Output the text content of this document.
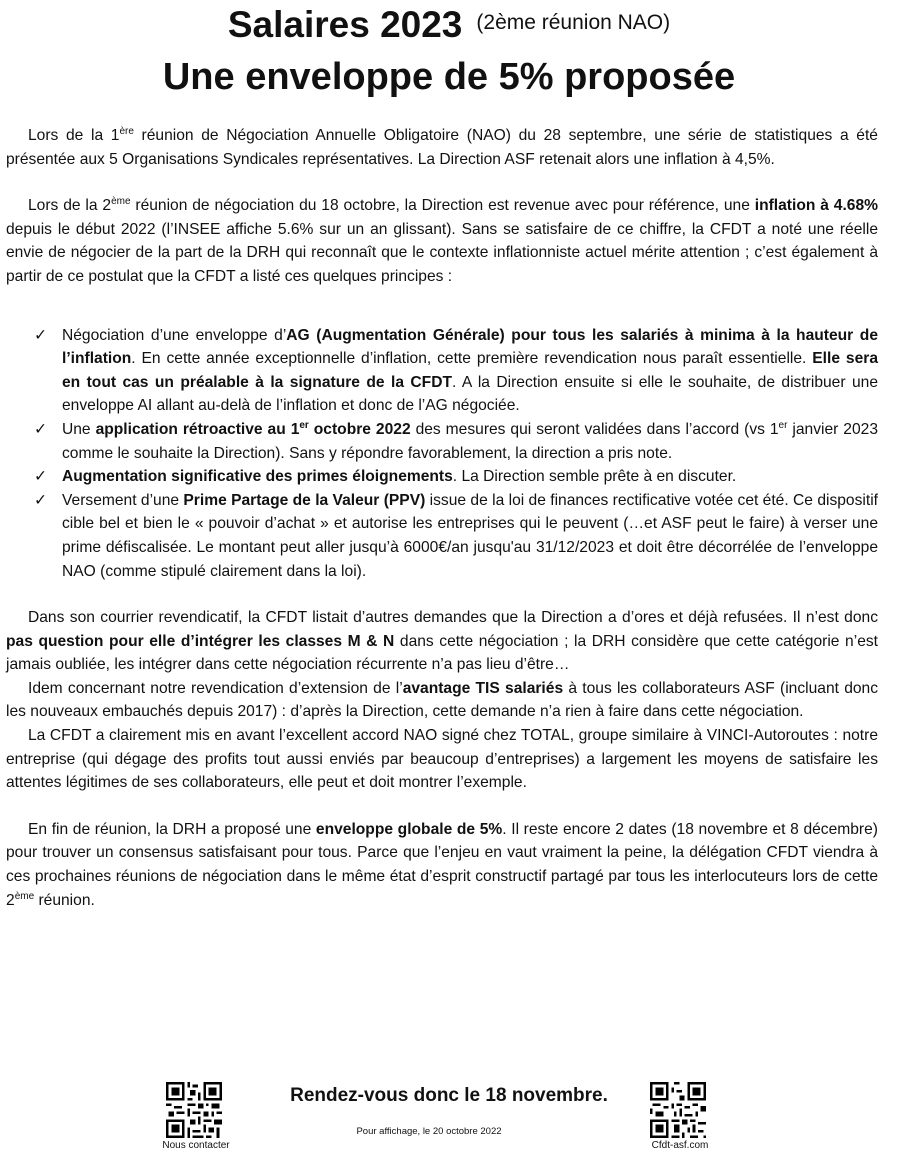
Salaires 2023 (2ème réunion NAO)
Une enveloppe de 5% proposée

Lors de la 1ère réunion de Négociation Annuelle Obligatoire (NAO) du 28 septembre, une série de statistiques a été présentée aux 5 Organisations Syndicales représentatives. La Direction ASF retenait alors une inflation à 4,5%.

Lors de la 2ème réunion de négociation du 18 octobre, la Direction est revenue avec pour référence, une inflation à 4.68% depuis le début 2022 (l’INSEE affiche 5.6% sur un an glissant). Sans se satisfaire de ce chiffre, la CFDT a noté une réelle envie de négocier de la part de la DRH qui reconnaît que le contexte inflationniste actuel mérite attention ; c’est également à partir de ce postulat que la CFDT a listé ces quelques principes :

✓ Négociation d’une enveloppe d’AG (Augmentation Générale) pour tous les salariés à minima à la hauteur de l’inflation. En cette année exceptionnelle d’inflation, cette première revendication nous paraît essentielle. Elle sera en tout cas un préalable à la signature de la CFDT. A la Direction ensuite si elle le souhaite, de distribuer une enveloppe AI allant au-delà de l’inflation et donc de l’AG négociée.
✓ Une application rétroactive au 1er octobre 2022 des mesures qui seront validées dans l’accord (vs 1er janvier 2023 comme le souhaite la Direction). Sans y répondre favorablement, la direction a pris note.
✓ Augmentation significative des primes éloignements. La Direction semble prête à en discuter.
✓ Versement d’une Prime Partage de la Valeur (PPV) issue de la loi de finances rectificative votée cet été. Ce dispositif cible bel et bien le « pouvoir d’achat » et autorise les entreprises qui le peuvent (…et ASF peut le faire) à verser une prime défiscalisée. Le montant peut aller jusqu’à 6000€/an jusqu'au 31/12/2023 et doit être décorrélée de l’enveloppe NAO (comme stipulé clairement dans la loi).

Dans son courrier revendicatif, la CFDT listait d’autres demandes que la Direction a d’ores et déjà refusées. Il n’est donc pas question pour elle d’intégrer les classes M & N dans cette négociation ; la DRH considère que cette catégorie n’est jamais oubliée, les intégrer dans cette négociation récurrente n’a pas lieu d’être…

Idem concernant notre revendication d’extension de l’avantage TIS salariés à tous les collaborateurs ASF (incluant donc les nouveaux embauchés depuis 2017) : d’après la Direction, cette demande n’a rien à faire dans cette négociation.

La CFDT a clairement mis en avant l’excellent accord NAO signé chez TOTAL, groupe similaire à VINCI-Autoroutes : notre entreprise (qui dégage des profits tout aussi enviés par beaucoup d’entreprises) a largement les moyens de satisfaire les attentes légitimes de ses collaborateurs, elle peut et doit montrer l’exemple.

En fin de réunion, la DRH a proposé une enveloppe globale de 5%. Il reste encore 2 dates (18 novembre et 8 décembre) pour trouver un consensus satisfaisant pour tous. Parce que l’enjeu en vaut vraiment la peine, la délégation CFDT viendra à ces prochaines réunions de négociation dans le même état d’esprit constructif partagé par tous les interlocuteurs lors de cette 2ème réunion.

Nous contacter
Rendez-vous donc le 18 novembre.
Pour affichage, le 20 octobre 2022
Cfdt-asf.com
